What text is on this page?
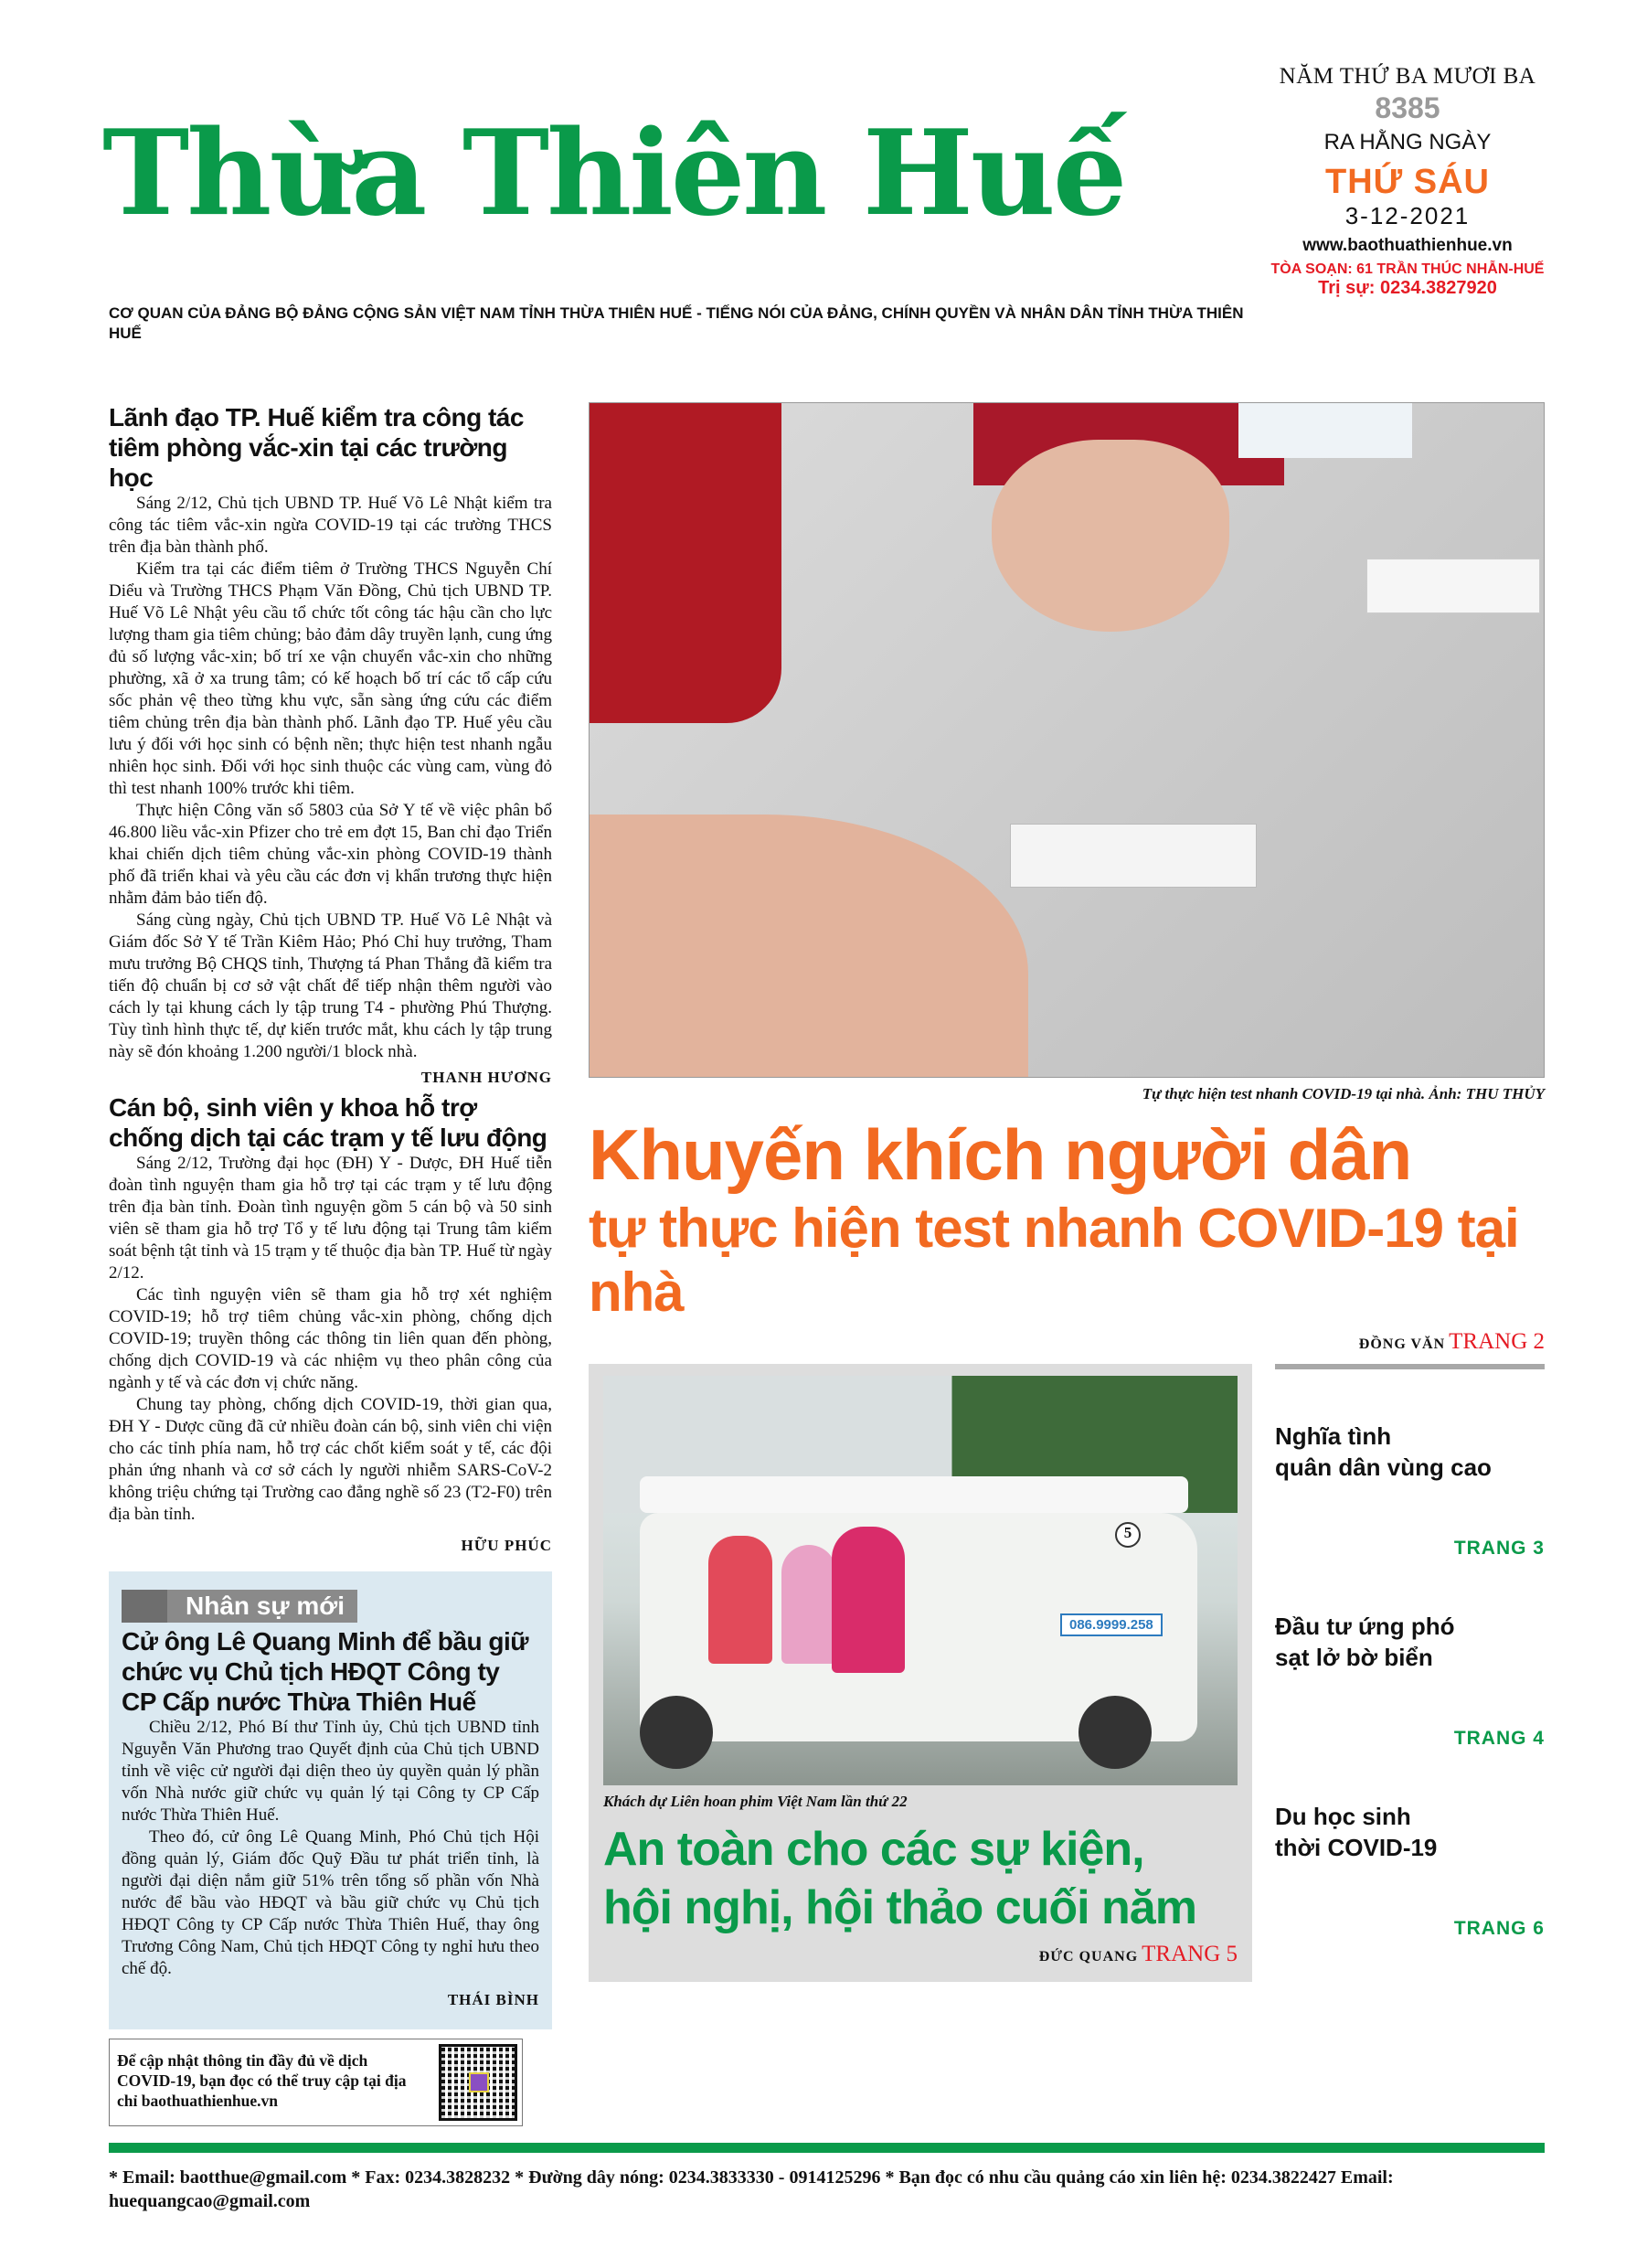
Thừa Thiên Huế
CƠ QUAN CỦA ĐẢNG BỘ ĐẢNG CỘNG SẢN VIỆT NAM TỈNH THỪA THIÊN HUẾ - TIẾNG NÓI CỦA ĐẢNG, CHÍNH QUYỀN VÀ NHÂN DÂN TỈNH THỪA THIÊN HUẾ
NĂM THỨ BA MƯƠI BA
8385
RA HẰNG NGÀY
THỨ SÁU
3-12-2021
www.baothuathienhue.vn
TÒA SOẠN: 61 TRẦN THÚC NHẪN-HUẾ
Trị sự: 0234.3827920
Lãnh đạo TP. Huế kiểm tra công tác tiêm phòng vắc-xin tại các trường học

Sáng 2/12, Chủ tịch UBND TP. Huế Võ Lê Nhật kiểm tra công tác tiêm vắc-xin ngừa COVID-19 tại các trường THCS trên địa bàn thành phố.

Kiểm tra tại các điểm tiêm ở Trường THCS Nguyễn Chí Diểu và Trường THCS Phạm Văn Đồng, Chủ tịch UBND TP. Huế Võ Lê Nhật yêu cầu tổ chức tốt công tác hậu cần cho lực lượng tham gia tiêm chủng; bảo đảm dây truyền lạnh, cung ứng đủ số lượng vắc-xin; bố trí xe vận chuyển vắc-xin cho những phường, xã ở xa trung tâm; có kế hoạch bố trí các tổ cấp cứu sốc phản vệ theo từng khu vực, sẵn sàng ứng cứu các điểm tiêm chủng trên địa bàn thành phố. Lãnh đạo TP. Huế yêu cầu lưu ý đối với học sinh có bệnh nền; thực hiện test nhanh ngẫu nhiên học sinh. Đối với học sinh thuộc các vùng cam, vùng đỏ thì test nhanh 100% trước khi tiêm.

Thực hiện Công văn số 5803 của Sở Y tế về việc phân bổ 46.800 liều vắc-xin Pfizer cho trẻ em đợt 15, Ban chỉ đạo Triển khai chiến dịch tiêm chủng vắc-xin phòng COVID-19 thành phố đã triển khai và yêu cầu các đơn vị khẩn trương thực hiện nhằm đảm bảo tiến độ.

Sáng cùng ngày, Chủ tịch UBND TP. Huế Võ Lê Nhật và Giám đốc Sở Y tế Trần Kiêm Hảo; Phó Chỉ huy trưởng, Tham mưu trưởng Bộ CHQS tỉnh, Thượng tá Phan Thắng đã kiểm tra tiến độ chuẩn bị cơ sở vật chất để tiếp nhận thêm người vào cách ly tại khung cách ly tập trung T4 - phường Phú Thượng. Tùy tình hình thực tế, dự kiến trước mắt, khu cách ly tập trung này sẽ đón khoảng 1.200 người/1 block nhà.

THANH HƯƠNG
Cán bộ, sinh viên y khoa hỗ trợ chống dịch tại các trạm y tế lưu động

Sáng 2/12, Trường đại học (ĐH) Y - Dược, ĐH Huế tiễn đoàn tình nguyện tham gia hỗ trợ tại các trạm y tế lưu động trên địa bàn tỉnh. Đoàn tình nguyện gồm 5 cán bộ và 50 sinh viên sẽ tham gia hỗ trợ Tổ y tế lưu động tại Trung tâm kiểm soát bệnh tật tỉnh và 15 trạm y tế thuộc địa bàn TP. Huế từ ngày 2/12.

Các tình nguyện viên sẽ tham gia hỗ trợ xét nghiệm COVID-19; hỗ trợ tiêm chủng vắc-xin phòng, chống dịch COVID-19; truyền thông các thông tin liên quan đến phòng, chống dịch COVID-19 và các nhiệm vụ theo phân công của ngành y tế và các đơn vị chức năng.

Chung tay phòng, chống dịch COVID-19, thời gian qua, ĐH Y - Dược cũng đã cử nhiều đoàn cán bộ, sinh viên chi viện cho các tỉnh phía nam, hỗ trợ các chốt kiểm soát y tế, các đội phản ứng nhanh và cơ sở cách ly người nhiễm SARS-CoV-2 không triệu chứng tại Trường cao đẳng nghề số 23 (T2-F0) trên địa bàn tỉnh.

HỮU PHÚC
Nhân sự mới
Cử ông Lê Quang Minh để bầu giữ chức vụ Chủ tịch HĐQT Công ty CP Cấp nước Thừa Thiên Huế

Chiều 2/12, Phó Bí thư Tỉnh ủy, Chủ tịch UBND tỉnh Nguyễn Văn Phương trao Quyết định của Chủ tịch UBND tỉnh về việc cử người đại diện theo ủy quyền quản lý phần vốn Nhà nước giữ chức vụ quản lý tại Công ty CP Cấp nước Thừa Thiên Huế.

Theo đó, cử ông Lê Quang Minh, Phó Chủ tịch Hội đồng quản lý, Giám đốc Quỹ Đầu tư phát triển tỉnh, là người đại diện nắm giữ 51% trên tổng số phần vốn Nhà nước để bầu vào HĐQT và bầu giữ chức vụ Chủ tịch HĐQT Công ty CP Cấp nước Thừa Thiên Huế, thay ông Trương Công Nam, Chủ tịch HĐQT Công ty nghỉ hưu theo chế độ.

THÁI BÌNH
Để cập nhật thông tin đầy đủ về dịch COVID-19, bạn đọc có thể truy cập tại địa chỉ baothuathienhue.vn
Tự thực hiện test nhanh COVID-19 tại nhà. Ảnh: THU THỦY
Khuyến khích người dân
tự thực hiện test nhanh COVID-19 tại nhà
ĐỒNG VĂN TRANG 2
086.9999.258
5
Khách dự Liên hoan phim Việt Nam lần thứ 22
An toàn cho các sự kiện,
hội nghị, hội thảo cuối năm
ĐỨC QUANG TRANG 5
Nghĩa tình
quân dân vùng cao
TRANG 3
Đầu tư ứng phó
sạt lở bờ biển
TRANG 4
Du học sinh
thời COVID-19
TRANG 6
* Email: baotthue@gmail.com * Fax: 0234.3828232 * Đường dây nóng: 0234.3833330 - 0914125296 * Bạn đọc có nhu cầu quảng cáo xin liên hệ: 0234.3822427 Email: huequangcao@gmail.com
